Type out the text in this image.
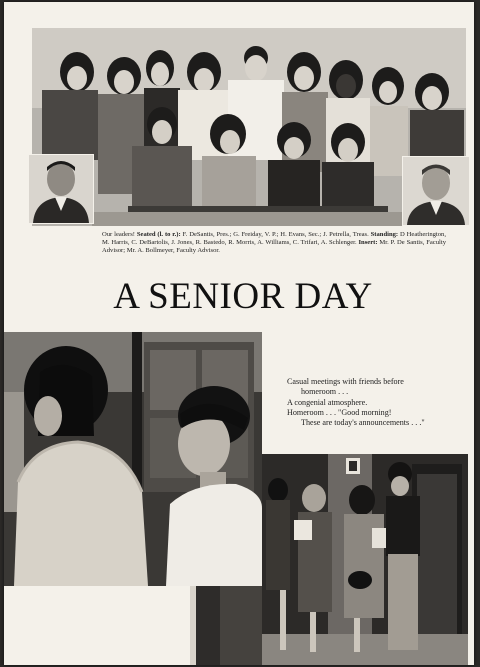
Our leaders! Seated (l. to r.): F. DeSantis, Pres.; G. Freiday, V. P.; H. Evans, Sec.; J. Petrella, Treas. Standing: D Heatherington, M. Harris, C. DeBartolis, J. Jones, R. Bastedo, R. Morris, A. Williams, C. Trifari, A. Schlenger. Insert: Mr. P. De Santis, Faculty Advisor; Mr. A. Bollmeyer, Faculty Advisor.

A SENIOR DAY
Casual meetings with friends before
homeroom . . .
A congenial atmosphere.
Homeroom . . . "Good morning!
These are today's announcements . . ."
